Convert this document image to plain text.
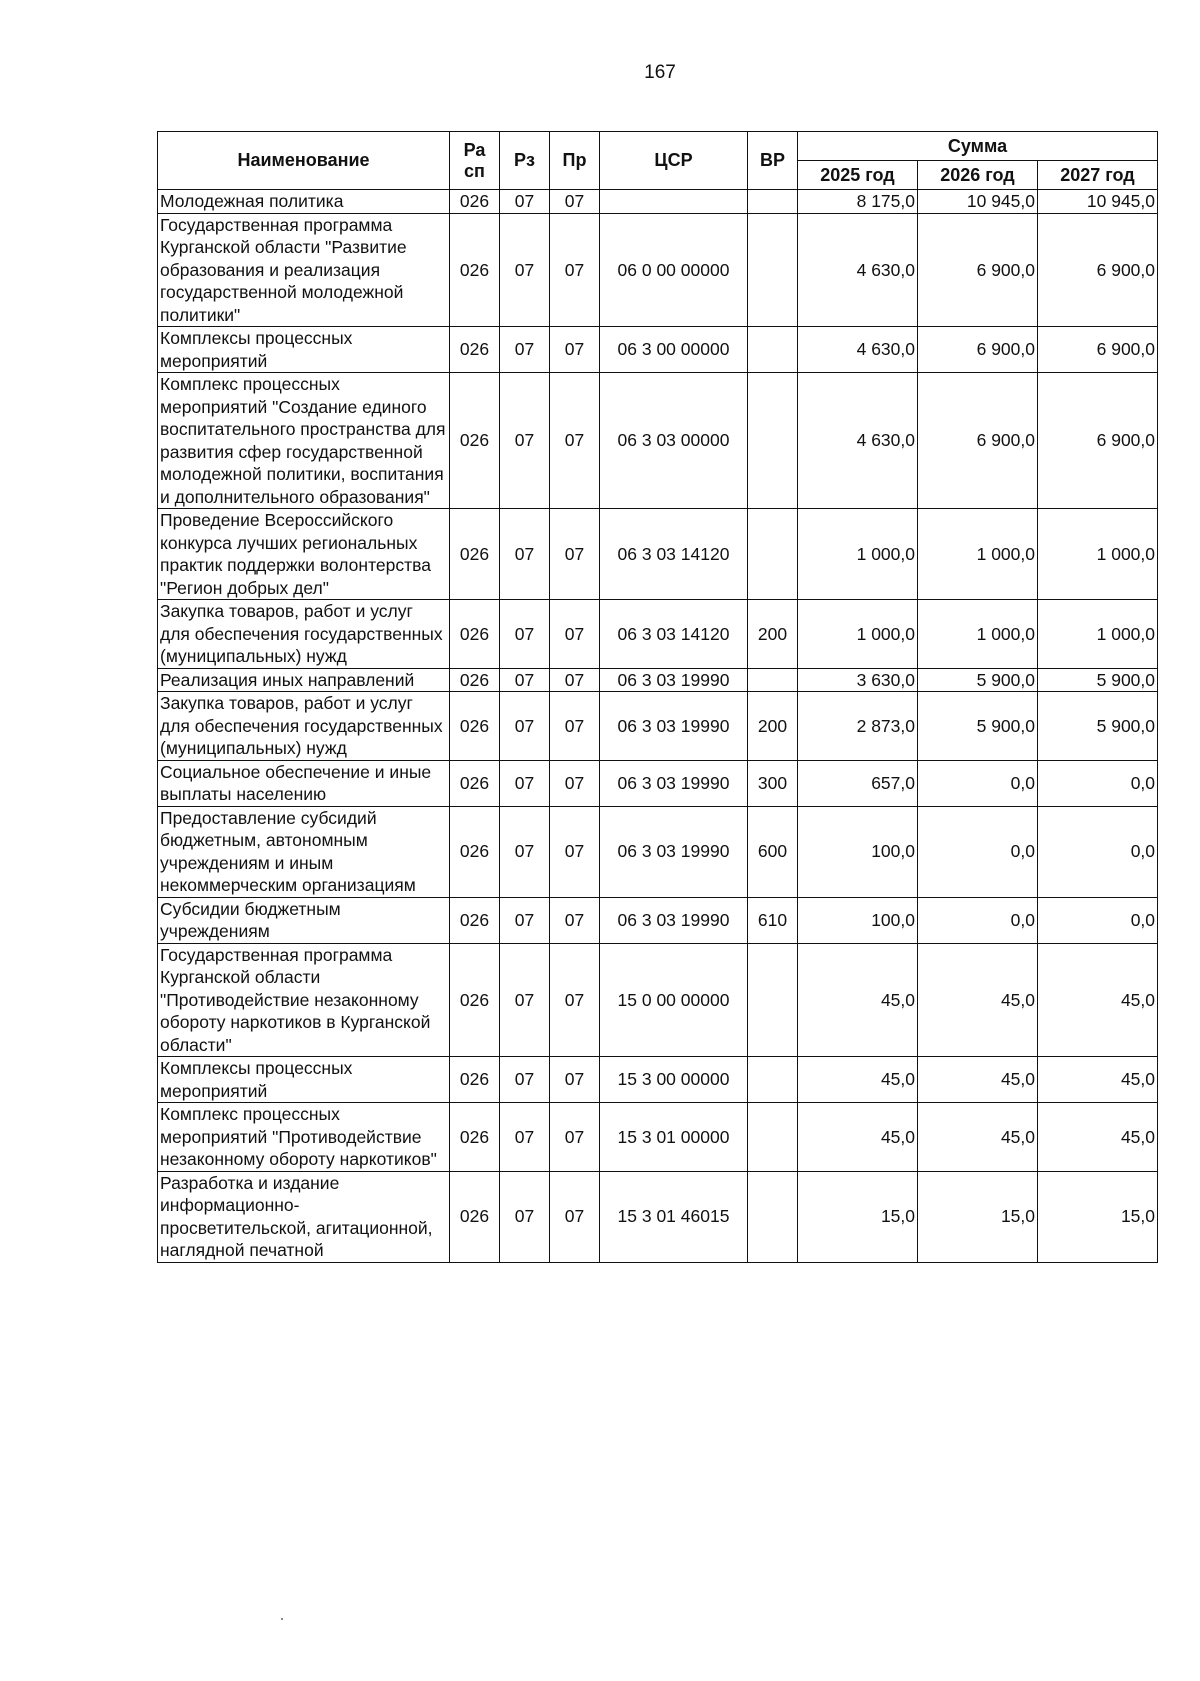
167
Наименование	Ра сп	Рз	Пр	ЦСР	ВР	Сумма		
						2025 год	2026 год	2027 год
Молодежная политика	026	07	07			8 175,0	10 945,0	10 945,0
Государственная программа Курганской области "Развитие образования и реализация государственной молодежной политики"	026	07	07	06 0 00 00000		4 630,0	6 900,0	6 900,0
Комплексы процессных мероприятий	026	07	07	06 3 00 00000		4 630,0	6 900,0	6 900,0
Комплекс процессных мероприятий "Создание единого воспитательного пространства для развития сфер государственной молодежной политики, воспитания и дополнительного образования"	026	07	07	06 3 03 00000		4 630,0	6 900,0	6 900,0
Проведение Всероссийского конкурса лучших региональных практик поддержки волонтерства "Регион добрых дел"	026	07	07	06 3 03 14120		1 000,0	1 000,0	1 000,0
Закупка товаров, работ и услуг для обеспечения государственных (муниципальных) нужд	026	07	07	06 3 03 14120	200	1 000,0	1 000,0	1 000,0
Реализация иных направлений	026	07	07	06 3 03 19990		3 630,0	5 900,0	5 900,0
Закупка товаров, работ и услуг для обеспечения государственных (муниципальных) нужд	026	07	07	06 3 03 19990	200	2 873,0	5 900,0	5 900,0
Социальное обеспечение и иные выплаты населению	026	07	07	06 3 03 19990	300	657,0	0,0	0,0
Предоставление субсидий бюджетным, автономным учреждениям и иным некоммерческим организациям	026	07	07	06 3 03 19990	600	100,0	0,0	0,0
Субсидии бюджетным учреждениям	026	07	07	06 3 03 19990	610	100,0	0,0	0,0
Государственная программа Курганской области "Противодействие незаконному обороту наркотиков в Курганской области"	026	07	07	15 0 00 00000		45,0	45,0	45,0
Комплексы процессных мероприятий	026	07	07	15 3 00 00000		45,0	45,0	45,0
Комплекс процессных мероприятий "Противодействие незаконному обороту наркотиков"	026	07	07	15 3 01 00000		45,0	45,0	45,0
Разработка и издание информационно-просветительской, агитационной, наглядной печатной	026	07	07	15 3 01 46015		15,0	15,0	15,0
